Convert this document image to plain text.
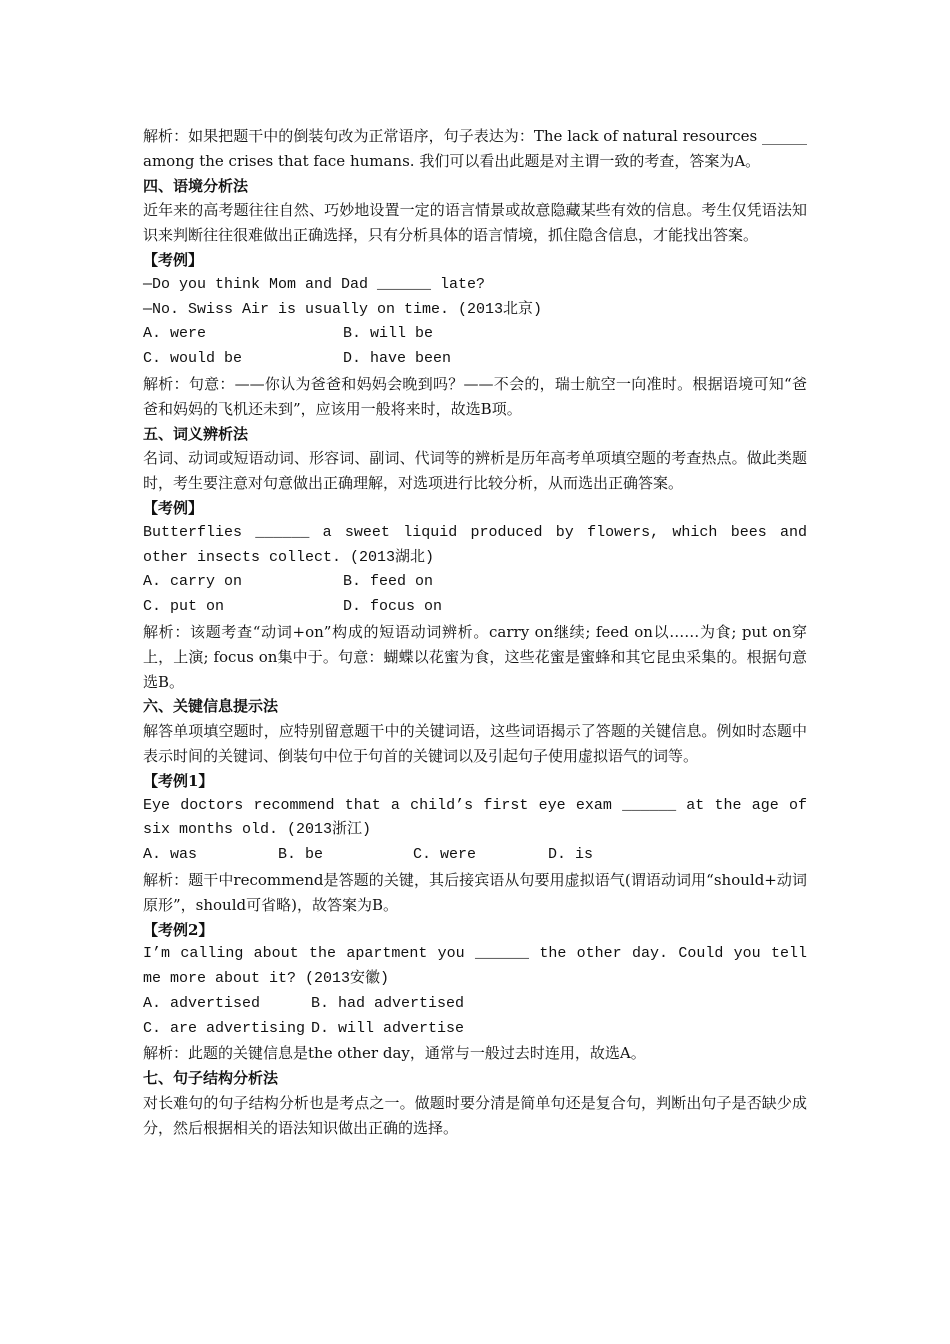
解析：如果把题干中的倒装句改为正常语序，句子表达为：The lack of natural resources ______ among the crises that face humans. 我们可以看出此题是对主谓一致的考查，答案为A。

四、语境分析法

近年来的高考题往往自然、巧妙地设置一定的语言情景或故意隐藏某些有效的信息。考生仅凭语法知识来判断往往很难做出正确选择，只有分析具体的语言情境，抓住隐含信息，才能找出答案。

【考例】

—Do you think Mom and Dad ______ late?

—No. Swiss Air is usually on time. (2013北京)

A. were	B. will be
C. would be	D. have been

解析：句意：——你认为爸爸和妈妈会晚到吗？——不会的，瑞士航空一向准时。根据语境可知“爸爸和妈妈的飞机还未到”，应该用一般将来时，故选B项。

五、词义辨析法

名词、动词或短语动词、形容词、副词、代词等的辨析是历年高考单项填空题的考查热点。做此类题时，考生要注意对句意做出正确理解，对选项进行比较分析，从而选出正确答案。

【考例】

Butterflies ______ a sweet liquid produced by flowers, which bees and other insects collect. (2013湖北)

A. carry on	B. feed on
C. put on	D. focus on

解析：该题考查“动词+on”构成的短语动词辨析。carry on继续; feed on以……为食; put on穿上，上演; focus on集中于。句意：蝴蝶以花蜜为食，这些花蜜是蜜蜂和其它昆虫采集的。根据句意选B。

六、关键信息提示法

解答单项填空题时，应特别留意题干中的关键词语，这些词语揭示了答题的关键信息。例如时态题中表示时间的关键词、倒装句中位于句首的关键词以及引起句子使用虚拟语气的词等。

【考例1】

Eye doctors recommend that a child’s first eye exam ______ at the age of six months old. (2013浙江)

A. was	B. be	C. were	D. is

解析：题干中recommend是答题的关键，其后接宾语从句要用虚拟语气(谓语动词用“should+动词原形”，should可省略)，故答案为B。

【考例2】

I’m calling about the apartment you ______ the other day. Could you tell me more about it? (2013安徽)

A. advertised	B. had advertised
C. are advertising D. will advertise

解析：此题的关键信息是the other day，通常与一般过去时连用，故选A。

七、句子结构分析法

对长难句的句子结构分析也是考点之一。做题时要分清是简单句还是复合句，判断出句子是否缺少成分，然后根据相关的语法知识做出正确的选择。
